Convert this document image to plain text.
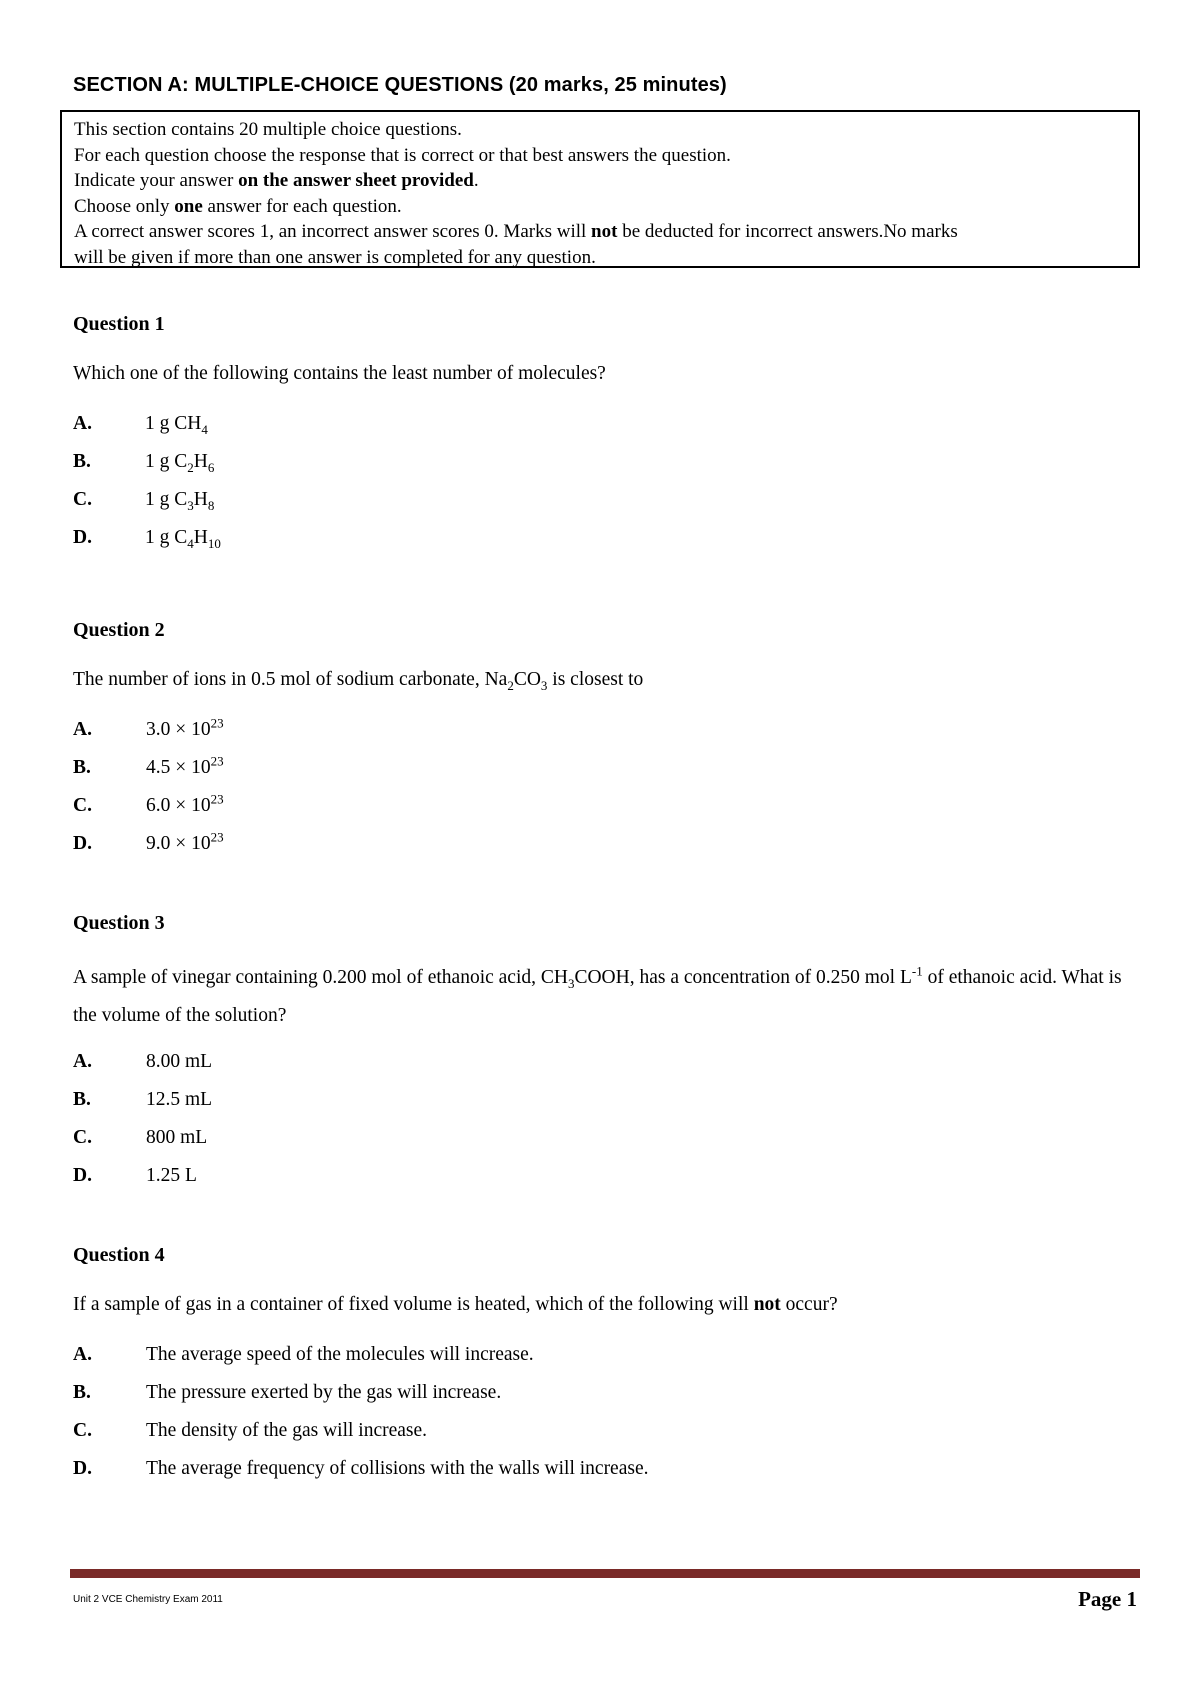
SECTION A: MULTIPLE-CHOICE QUESTIONS (20 marks, 25 minutes)
This section contains 20 multiple choice questions.
For each question choose the response that is correct or that best answers the question.
Indicate your answer on the answer sheet provided.
Choose only one answer for each question.
A correct answer scores 1, an incorrect answer scores 0. Marks will not be deducted for incorrect answers.No marks
will be given if more than one answer is completed for any question.
Question 1
Which one of the following contains the least number of molecules?
A.	1 g $CH_4$
B.	1 g $C_2H_6$
C.	1 g $C_3H_8$
D.	1 g $C_4H_{10}$
Question 2
The number of ions in 0.5 mol of sodium carbonate, $Na_2CO_3$ is closest to
A.	$3.0 \times 10^{23}$
B.	$4.5 \times 10^{23}$
C.	$6.0 \times 10^{23}$
D.	$9.0 \times 10^{23}$
Question 3
A sample of vinegar containing 0.200 mol of ethanoic acid, $CH_3COOH$, has a concentration of 0.250 mol $L^{-1}$ of ethanoic acid. What is the volume of the solution?
A.	8.00 mL
B.	12.5 mL
C.	800 mL
D.	1.25 L
Question 4
If a sample of gas in a container of fixed volume is heated, which of the following will not occur?
A.	The average speed of the molecules will increase.
B.	The pressure exerted by the gas will increase.
C.	The density of the gas will increase.
D.	The average frequency of collisions with the walls will increase.
Unit 2 VCE Chemistry Exam 2011	Page 1
